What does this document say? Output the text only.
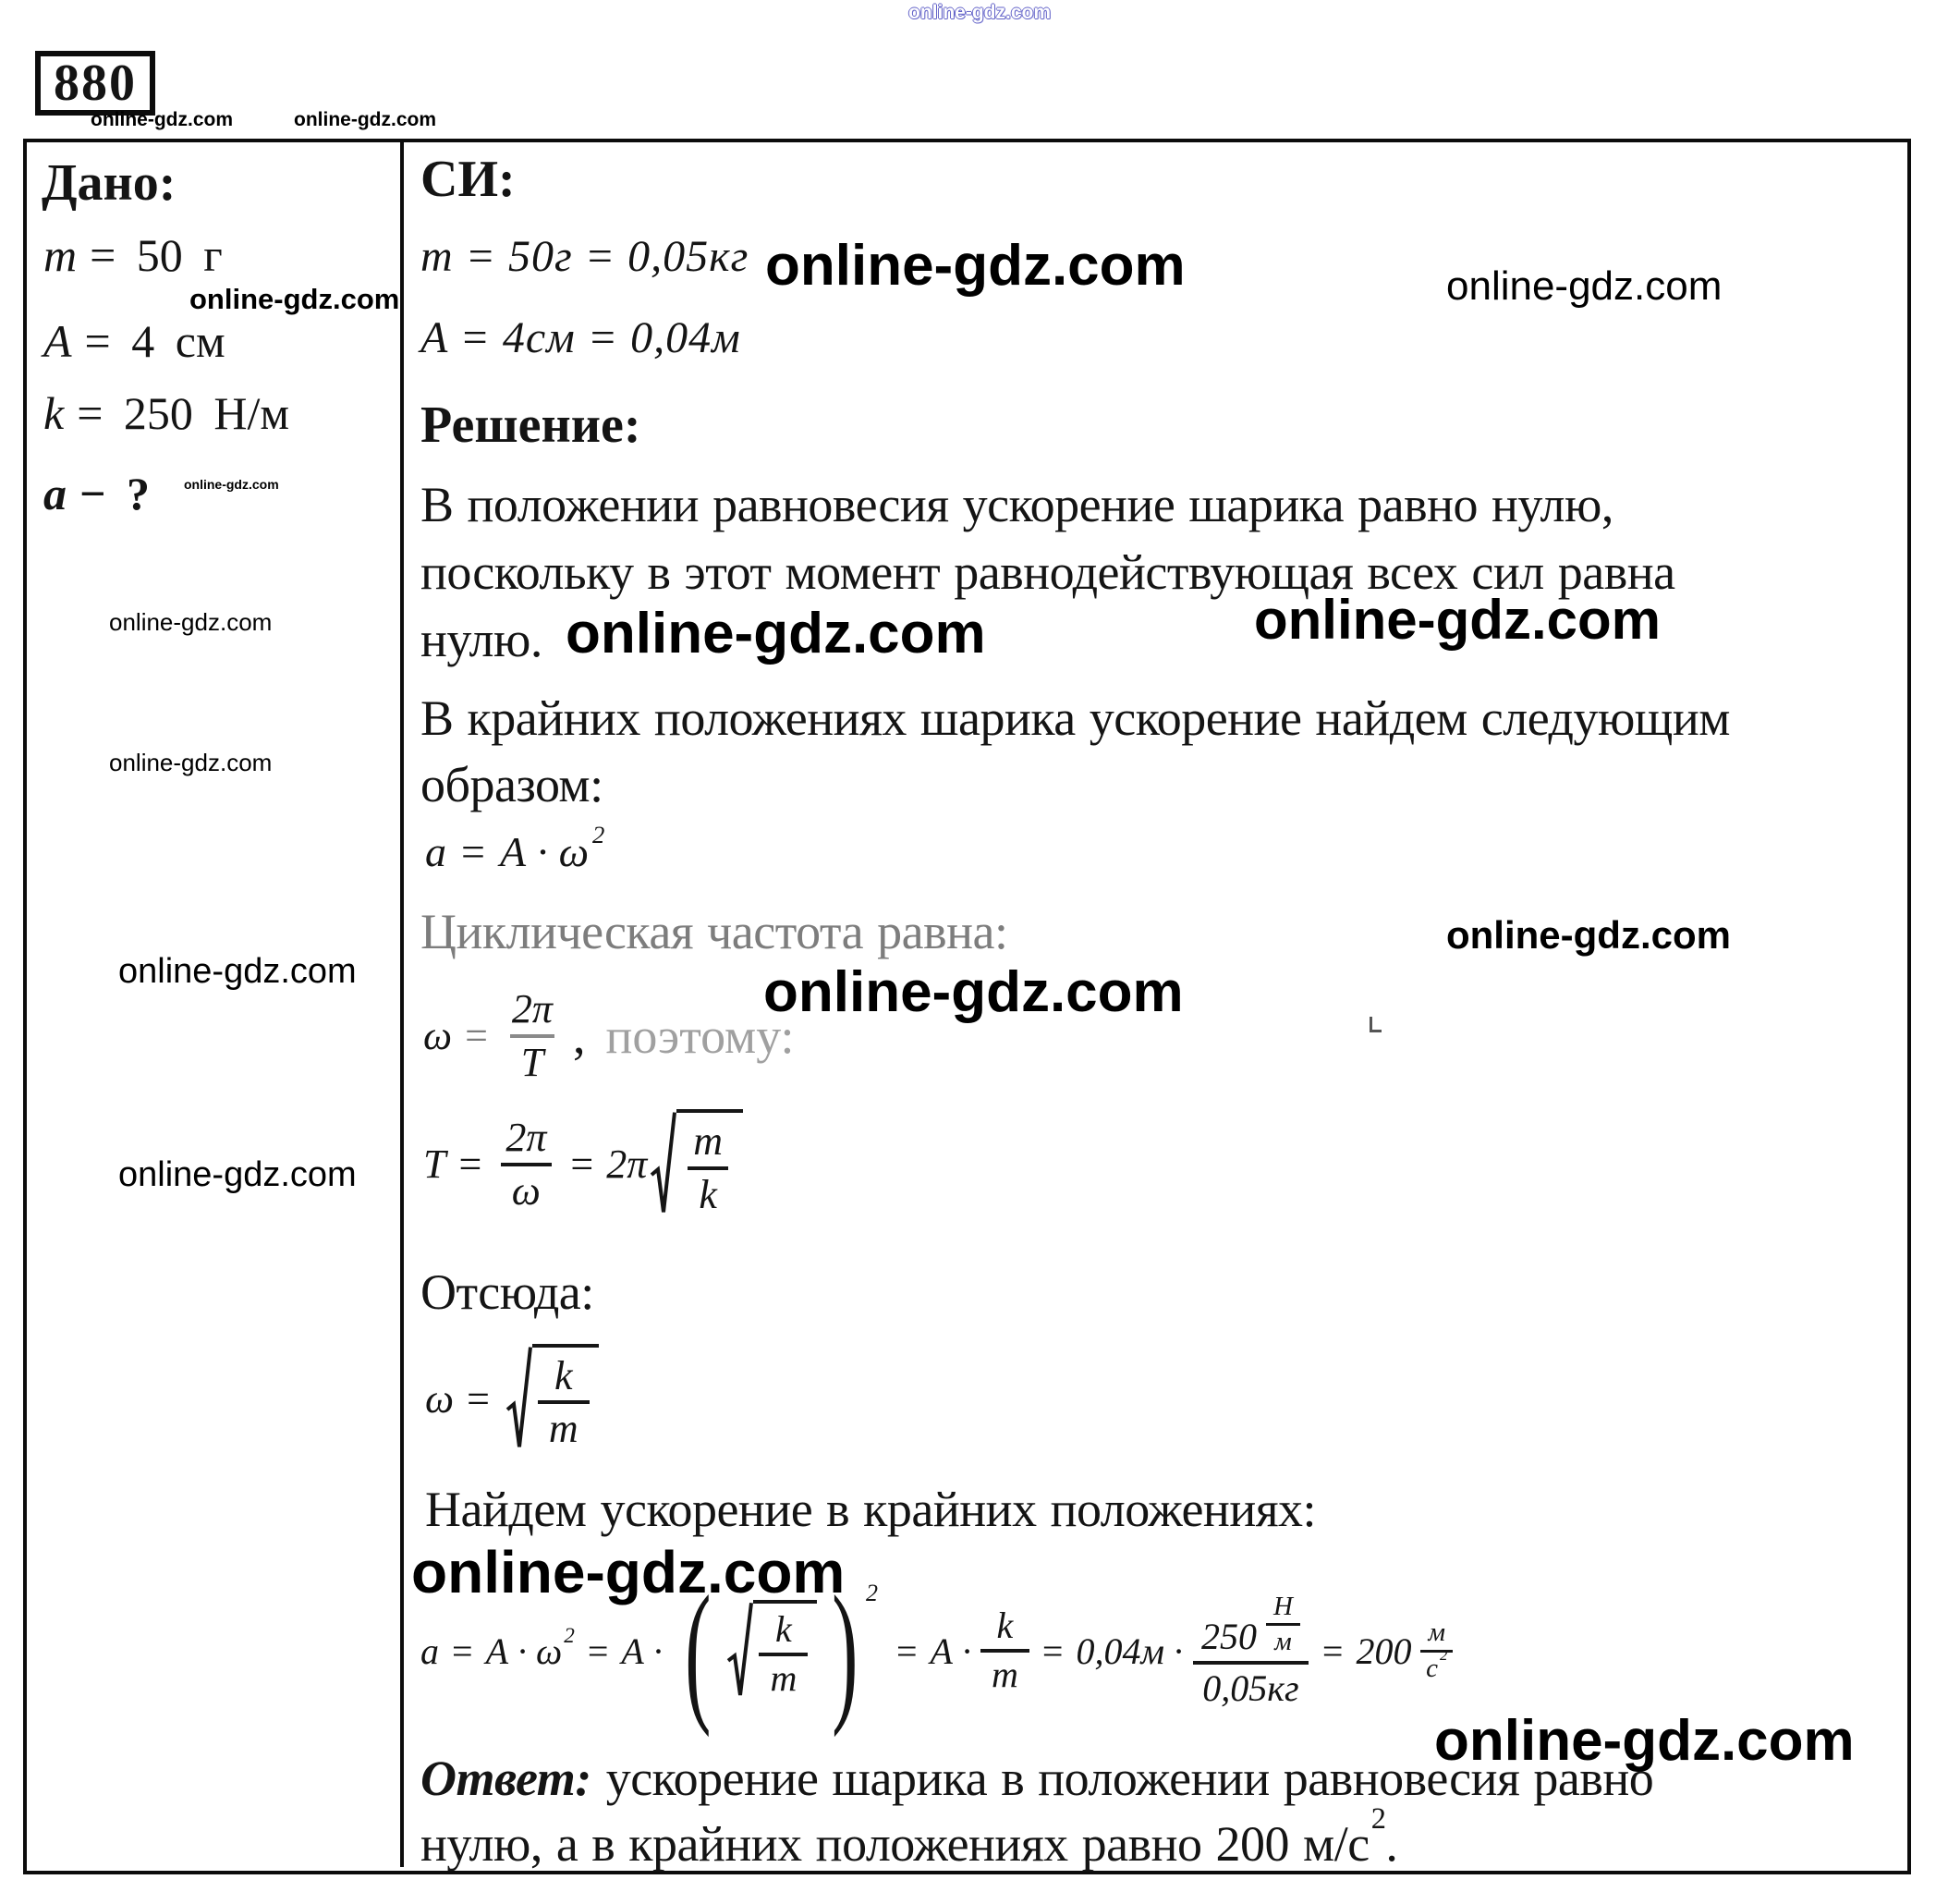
online-gdz.com
880
online-gdz.com	online-gdz.com
Дано:
m = 50 г
A = 4 см
k = 250 Н/м
a − ?
online-gdz.com
online-gdz.com
online-gdz.com
online-gdz.com
online-gdz.com
online-gdz.com
СИ:
m = 50г = 0,05кг
A = 4см = 0,04м
online-gdz.com	online-gdz.com
Решение:
В положении равновесия ускорение шарика равно нулю,
поскольку в этот момент равнодействующая всех сил равна
нулю. online-gdz.com	online-gdz.com
В крайних положениях шарика ускорение найдем следующим
образом:
$a = A \cdot \omega^2$
Циклическая частота равна:	online-gdz.com
online-gdz.com
$\omega = \frac{2\pi}{T}$ , поэтому:
$T = \frac{2\pi}{\omega} = 2\pi \frac{m}{k}$
Отсюда:
$\omega = \frac{k}{m}$
Найдем ускорение в крайних положениях:
online-gdz.com
$a = A \cdot \omega^2 = A$ · ( $\frac{k}{m}$ ) 2
= $A \cdot \frac{k}{m} = 0,04м \cdot 250$
Н
м
0,05кг = 200 м
с $^2$
online-gdz.com
Ответ: ускорение шарика в положении равновесия равно
нулю, а в крайних положениях равно 200 $м/с^2$.
